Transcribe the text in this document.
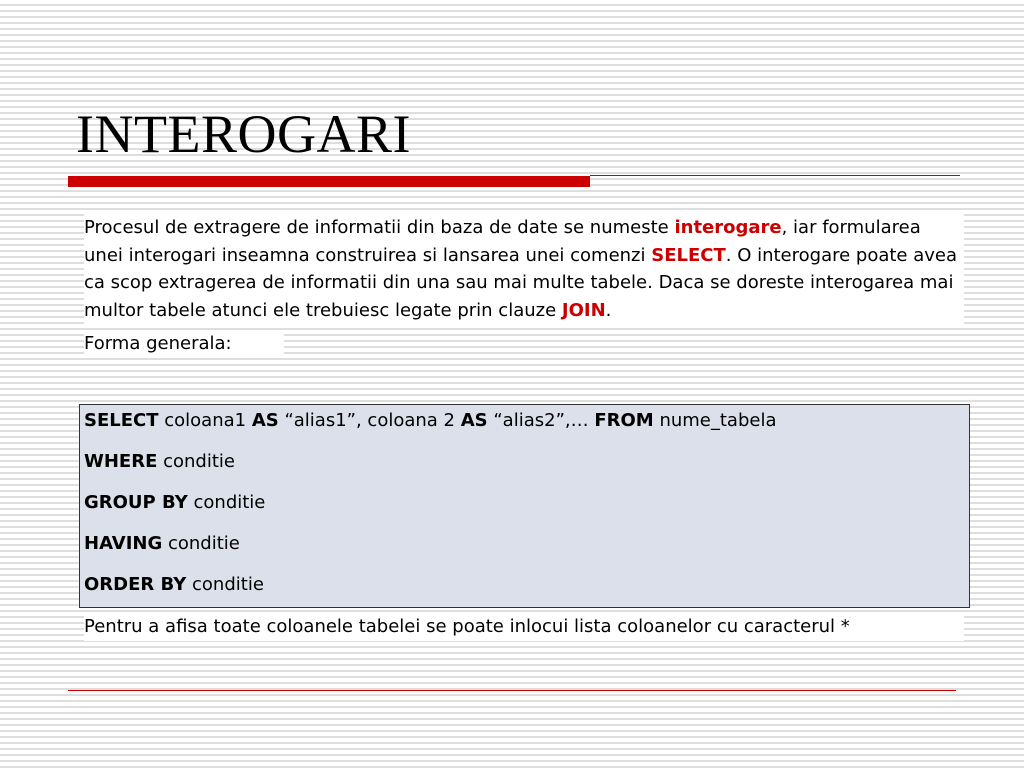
INTEROGARI

Procesul de extragere de informatii din baza de date se numeste interogare, iar formularea unei interogari inseamna construirea si lansarea unei comenzi SELECT. O interogare poate avea ca scop extragerea de informatii din una sau mai multe tabele. Daca se doreste interogarea mai multor tabele atunci ele trebuiesc legate prin clauze JOIN.

Forma generala:

SELECT coloana1 AS “alias1”, coloana 2 AS “alias2”,… FROM nume_tabela
WHERE conditie
GROUP BY conditie
HAVING conditie
ORDER BY conditie

Pentru a afisa toate coloanele tabelei se poate inlocui lista coloanelor cu caracterul *
